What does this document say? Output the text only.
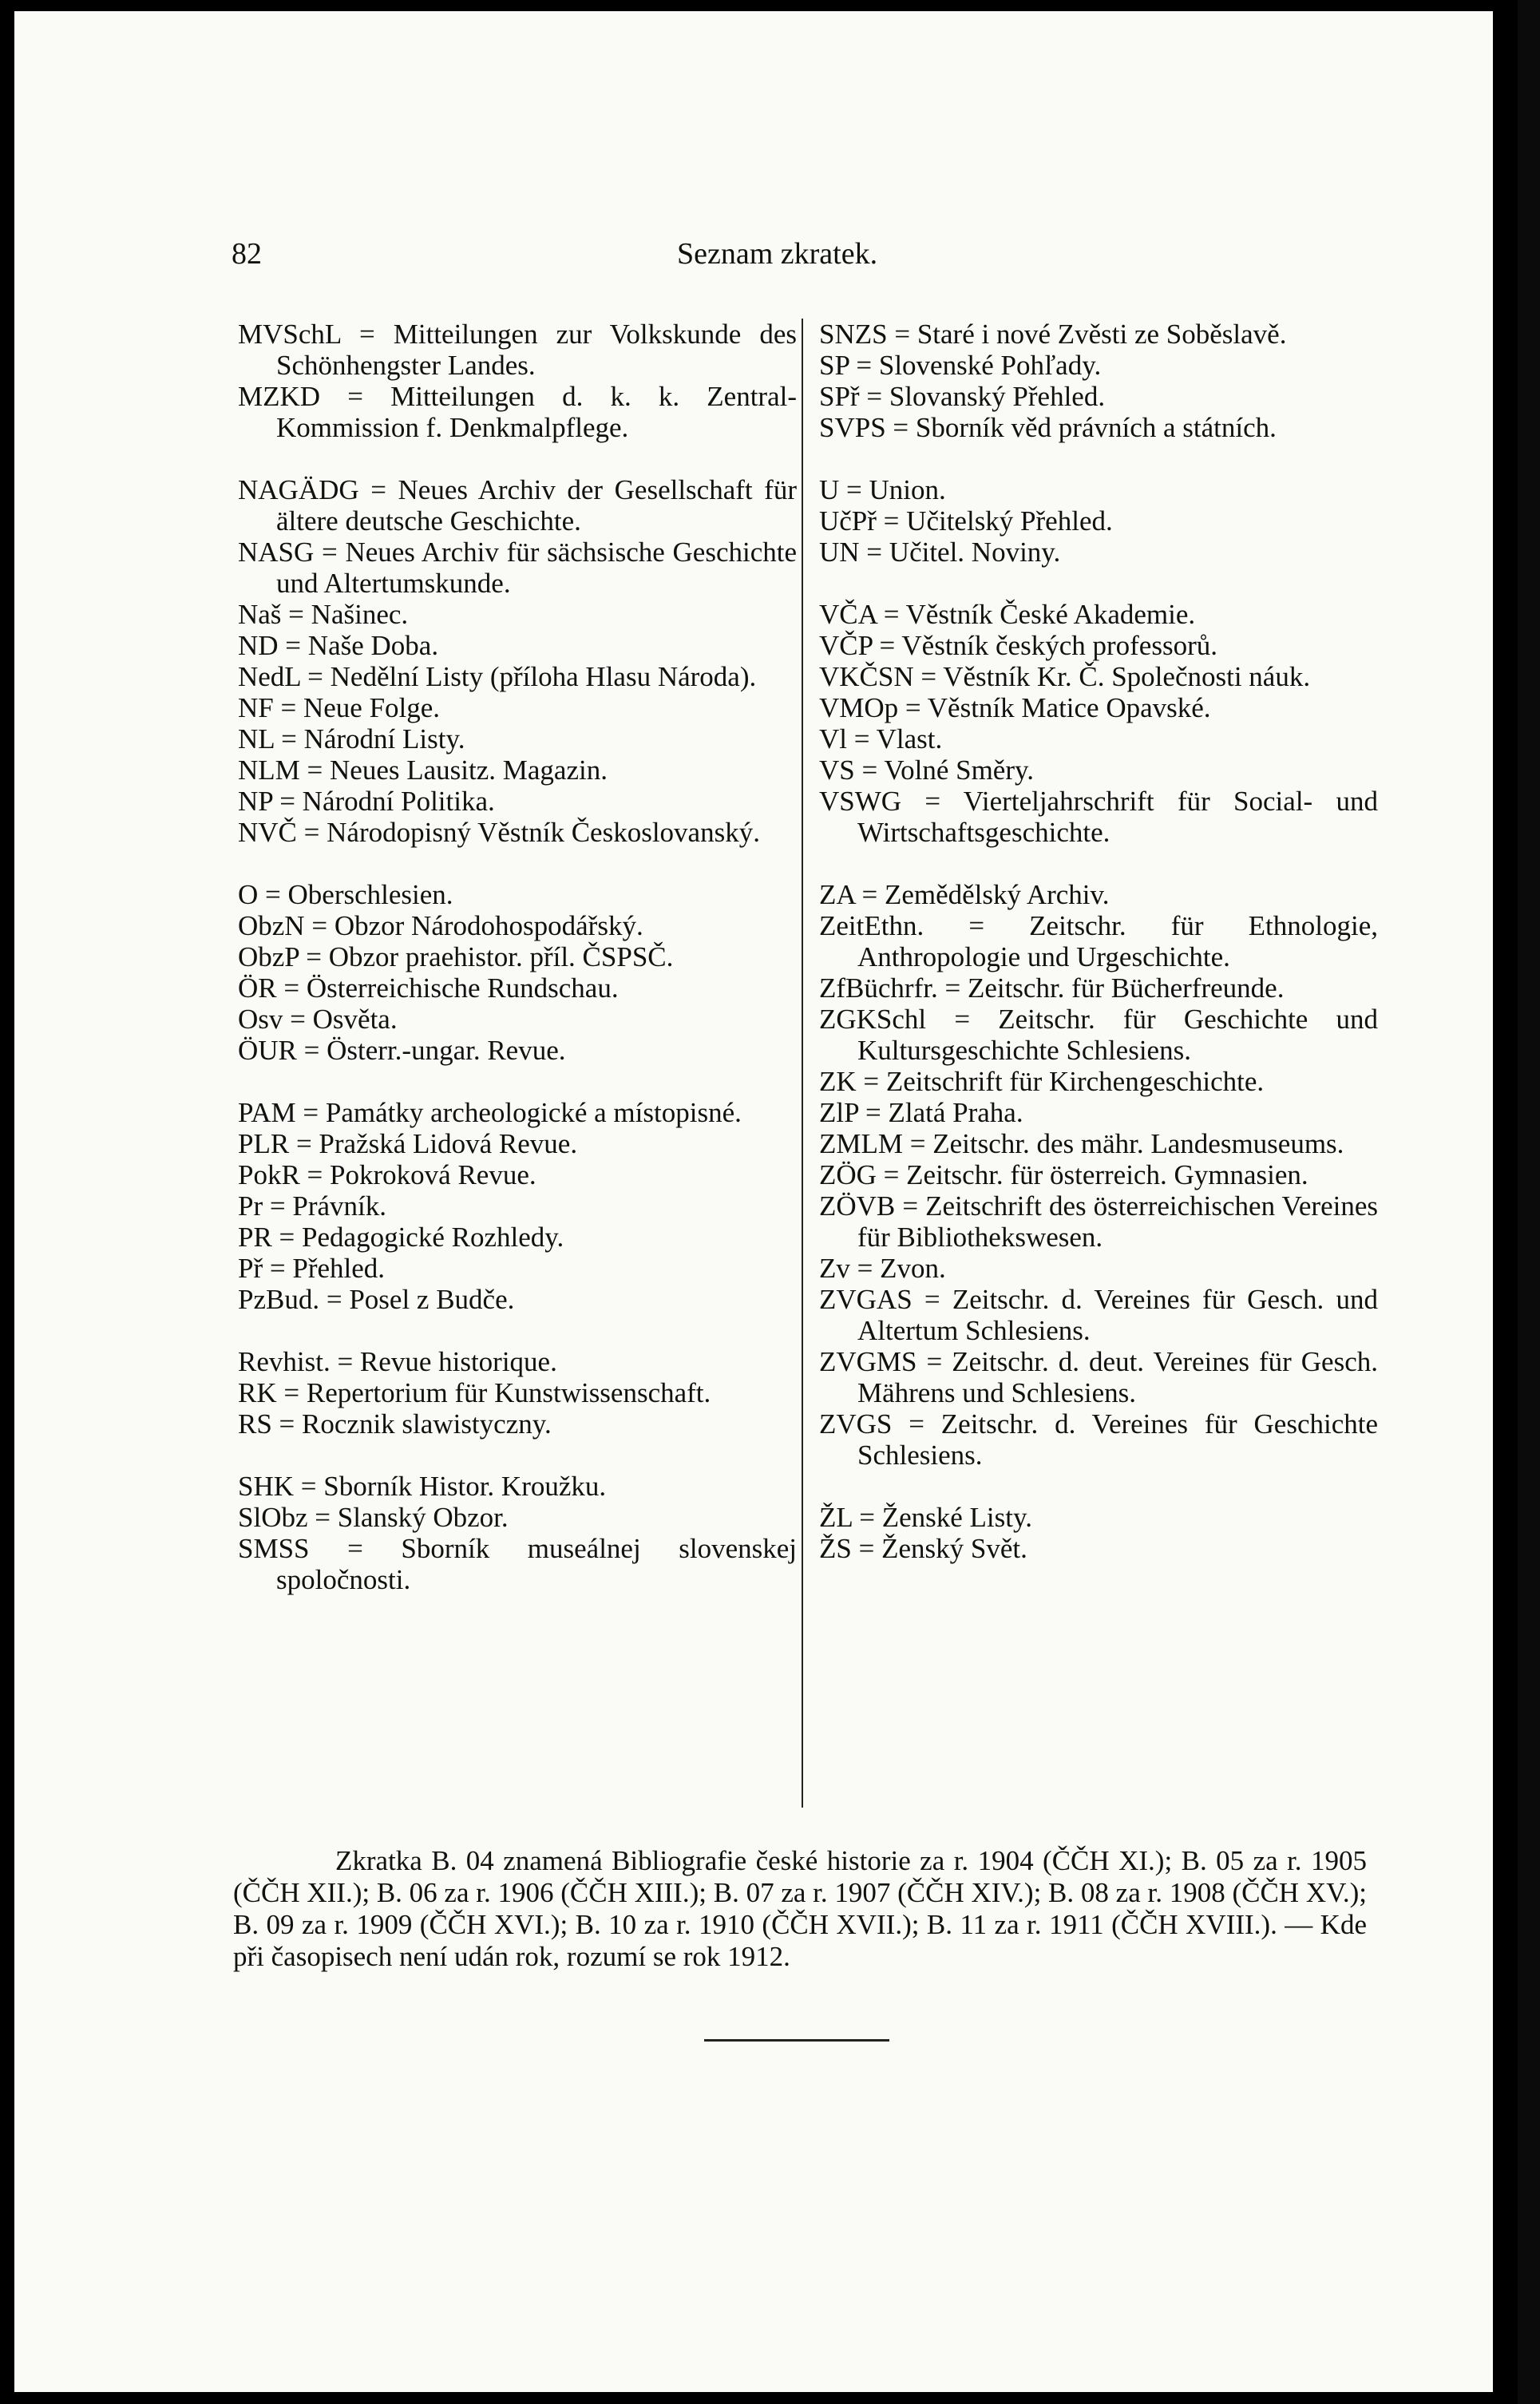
82	Seznam zkratek.

MVSchL = Mitteilungen zur Volkskunde des Schönhengster Landes.

MZKD = Mitteilungen d. k. k. Zentral-Kommission f. Denkmalpflege.

NAGÄDG = Neues Archiv der Gesellschaft für ältere deutsche Geschichte.

NASG = Neues Archiv für sächsische Geschichte und Altertumskunde.

Naš = Našinec.

ND = Naše Doba.

NedL = Nedělní Listy (příloha Hlasu Národa).

NF = Neue Folge.

NL = Národní Listy.

NLM = Neues Lausitz. Magazin.

NP = Národní Politika.

NVČ = Národopisný Věstník Českoslovanský.

O = Oberschlesien.

ObzN = Obzor Národohospodářský.

ObzP = Obzor praehistor. příl. ČSPSČ.

ÖR = Österreichische Rundschau.

Osv = Osvěta.

ÖUR = Österr.-ungar. Revue.

PAM = Památky archeologické a místopisné.

PLR = Pražská Lidová Revue.

PokR = Pokroková Revue.

Pr = Právník.

PR = Pedagogické Rozhledy.

Př = Přehled.

PzBud. = Posel z Budče.

Revhist. = Revue historique.

RK = Repertorium für Kunstwissenschaft.

RS = Rocznik slawistyczny.

SHK = Sborník Histor. Kroužku.

SlObz = Slanský Obzor.

SMSS = Sborník museálnej slovenskej spoločnosti.

SNZS = Staré i nové Zvěsti ze Soběslavě.

SP = Slovenské Pohľady.

SPř = Slovanský Přehled.

SVPS = Sborník věd právních a státních.

U = Union.

UčPř = Učitelský Přehled.

UN = Učitel. Noviny.

VČA = Věstník České Akademie.

VČP = Věstník českých professorů.

VKČSN = Věstník Kr. Č. Společnosti náuk.

VMOp = Věstník Matice Opavské.

Vl = Vlast.

VS = Volné Směry.

VSWG = Vierteljahrschrift für Social- und Wirtschaftsgeschichte.

ZA = Zemědělský Archiv.

ZeitEthn. = Zeitschr. für Ethnologie, Anthropologie und Urgeschichte.

ZfBüchrfr. = Zeitschr. für Bücherfreunde.

ZGKSchl = Zeitschr. für Geschichte und Kultursgeschichte Schlesiens.

ZK = Zeitschrift für Kirchengeschichte.

ZlP = Zlatá Praha.

ZMLM = Zeitschr. des mähr. Landesmuseums.

ZÖG = Zeitschr. für österreich. Gymnasien.

ZÖVB = Zeitschrift des österreichischen Vereines für Bibliothekswesen.

Zv = Zvon.

ZVGAS = Zeitschr. d. Vereines für Gesch. und Altertum Schlesiens.

ZVGMS = Zeitschr. d. deut. Vereines für Gesch. Mährens und Schlesiens.

ZVGS = Zeitschr. d. Vereines für Geschichte Schlesiens.

ŽL = Ženské Listy.

ŽS = Ženský Svět.

Zkratka B. 04 znamená Bibliografie české historie za r. 1904 (ČČH XI.); B. 05 za r. 1905 (ČČH XII.); B. 06 za r. 1906 (ČČH XIII.); B. 07 za r. 1907 (ČČH XIV.); B. 08 za r. 1908 (ČČH XV.); B. 09 za r. 1909 (ČČH XVI.); B. 10 za r. 1910 (ČČH XVII.); B. 11 za r. 1911 (ČČH XVIII.). — Kde při časopisech není udán rok, rozumí se rok 1912.
